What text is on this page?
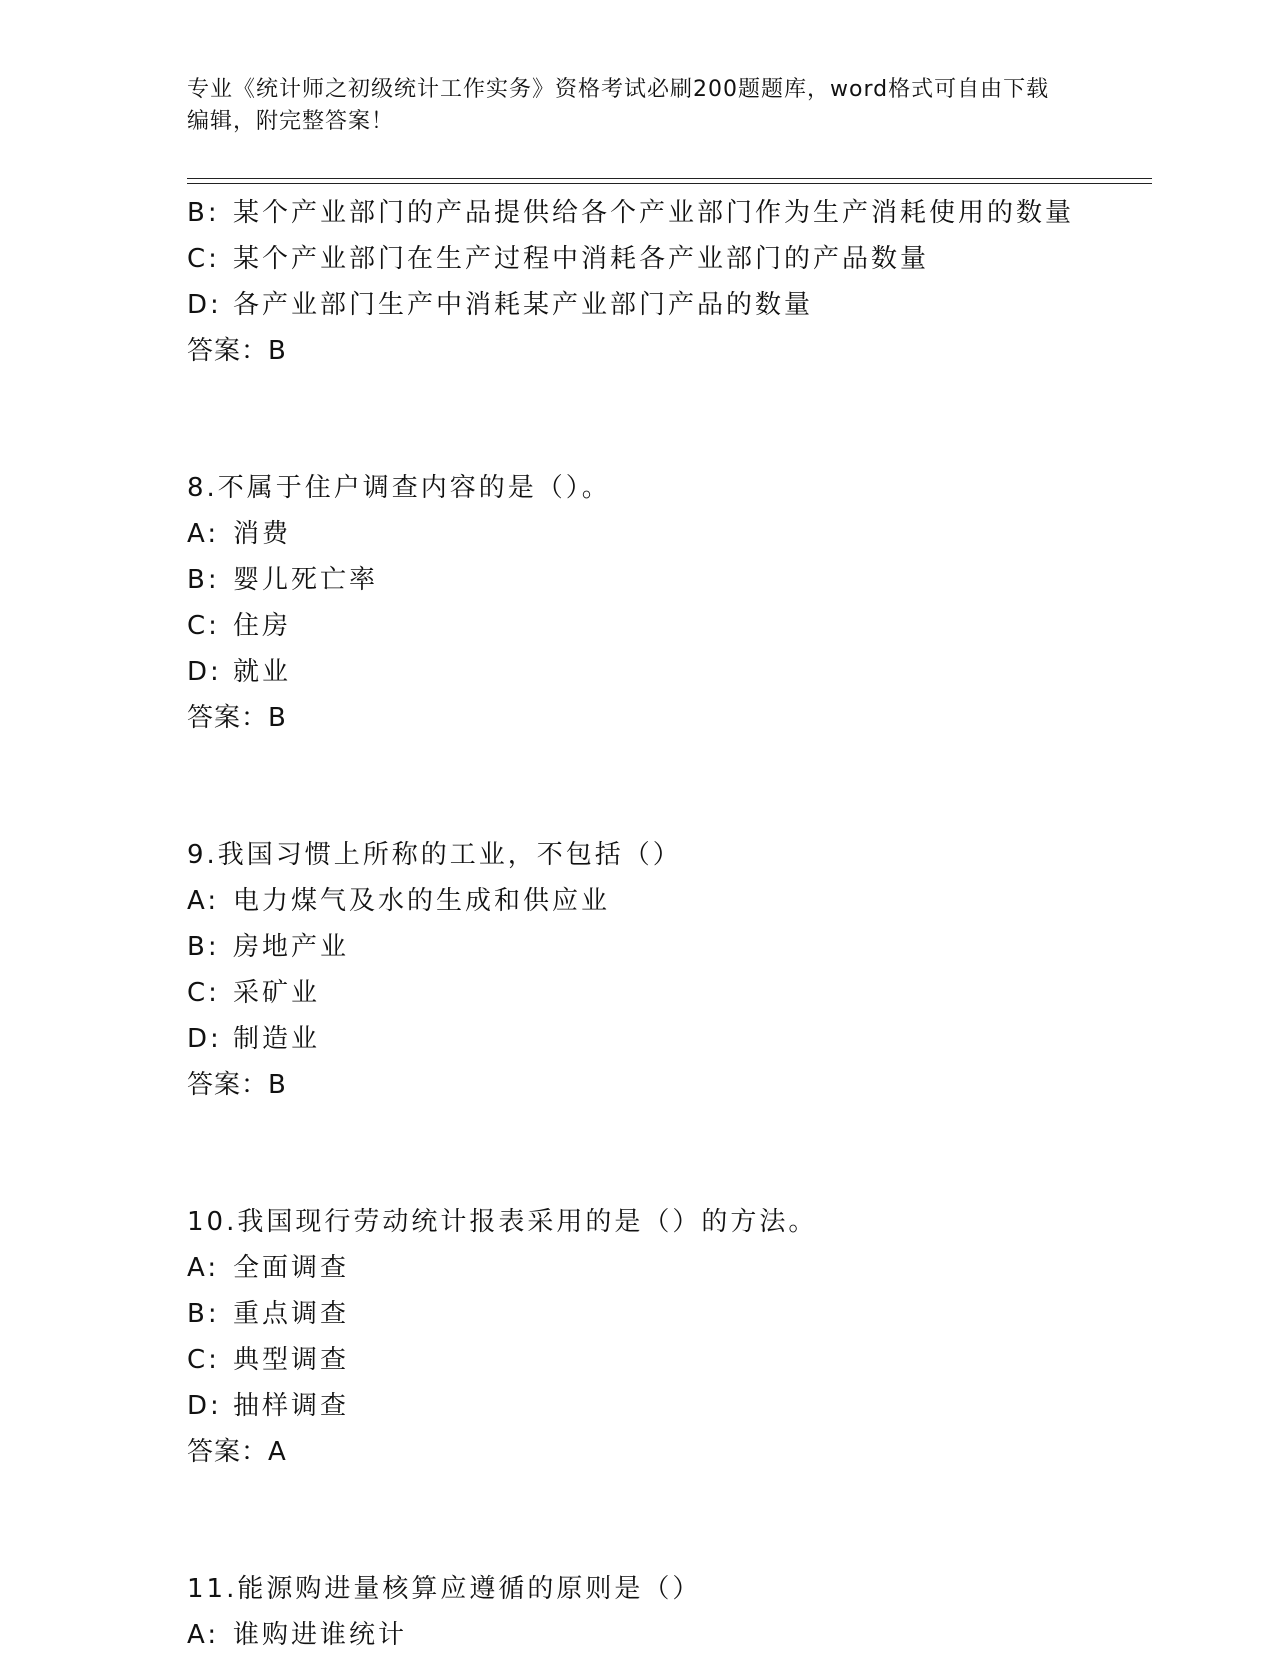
专业《统计师之初级统计工作实务》资格考试必刷200题题库，word格式可自由下载编辑，附完整答案！
B: 某个产业部门的产品提供给各个产业部门作为生产消耗使用的数量
C: 某个产业部门在生产过程中消耗各产业部门的产品数量
D: 各产业部门生产中消耗某产业部门产品的数量
答案：B
8.不属于住户调查内容的是（）。
A: 消费
B: 婴儿死亡率
C: 住房
D: 就业
答案：B
9.我国习惯上所称的工业，不包括（）
A: 电力煤气及水的生成和供应业
B: 房地产业
C: 采矿业
D: 制造业
答案：B
10.我国现行劳动统计报表采用的是（）的方法。
A: 全面调查
B: 重点调查
C: 典型调查
D: 抽样调查
答案：A
11.能源购进量核算应遵循的原则是（）
A: 谁购进谁统计
